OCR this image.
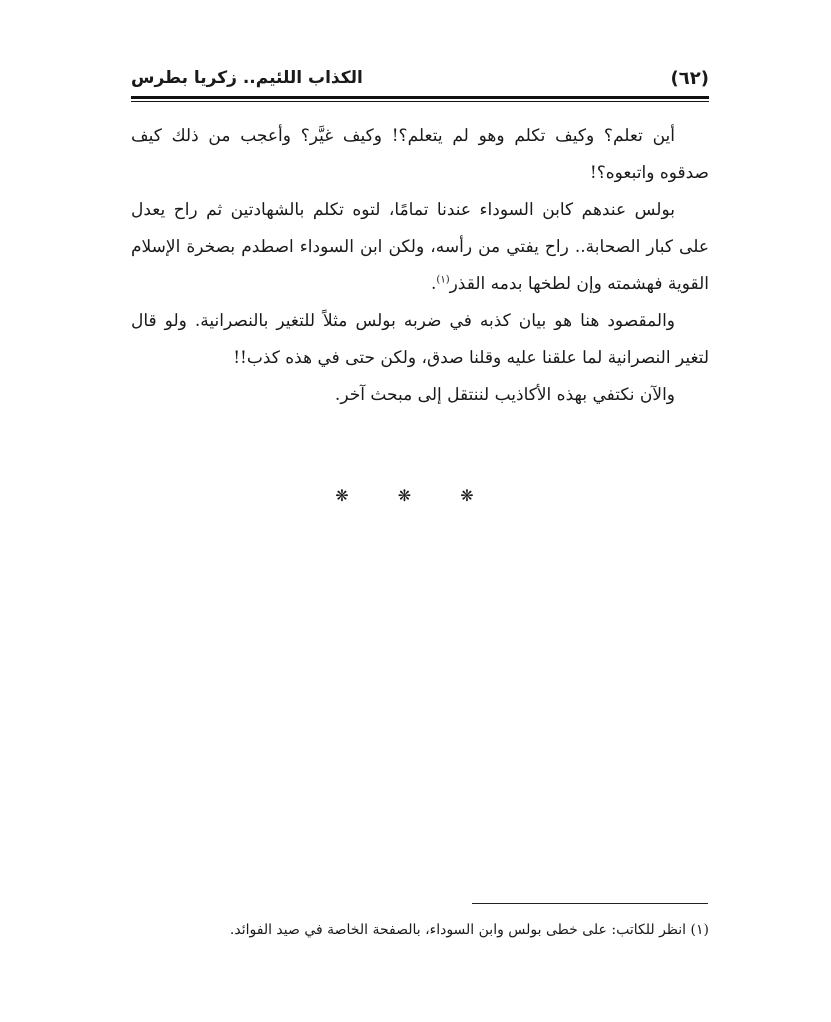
(٦٢)
الكذاب اللئيم.. زكريا بطرس

أين تعلم؟ وكيف تكلم وهو لم يتعلم؟! وكيف غيَّر؟ وأعجب من ذلك كيف صدقوه واتبعوه؟!

بولس عندهم كابن السوداء عندنا تمامًا، لتوه تكلم بالشهادتين ثم راح يعدل على كبار الصحابة.. راح يفتي من رأسه، ولكن ابن السوداء اصطدم بصخرة الإسلام القوية فهشمته وإن لطخها بدمه القذر$^{(١)}$.

والمقصود هنا هو بيان كذبه في ضربه بولس مثلاً للتغير بالنصرانية. ولو قال لتغير النصرانية لما علقنا عليه وقلنا صدق، ولكن حتى في هذه كذب!!

والآن نكتفي بهذه الأكاذيب لننتقل إلى مبحث آخر.

❋ ❋ ❋
(١) انظر للكاتب: على خطى بولس وابن السوداء، بالصفحة الخاصة في صيد الفوائد.
